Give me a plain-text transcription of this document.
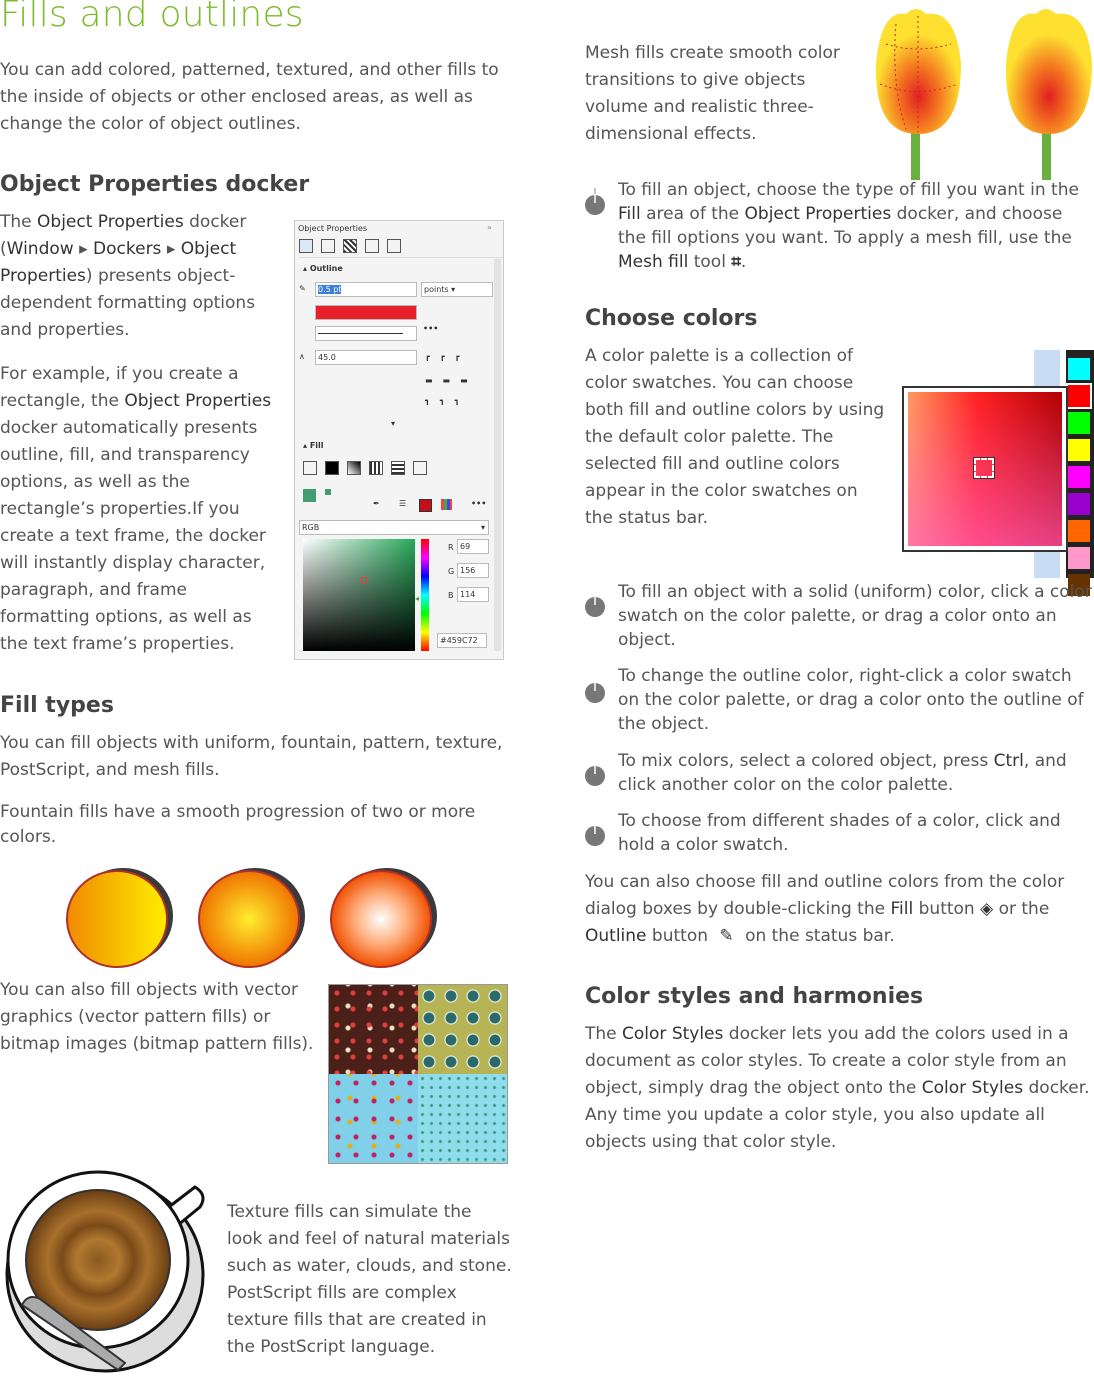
Fills and outlines

You can add colored, patterned, textured, and other fills to the inside of objects or other enclosed areas, as well as change the color of object outlines.

Object Properties docker

The Object Properties docker (Window ▸ Dockers ▸ Object Properties) presents object-dependent formatting options and properties.

For example, if you create a rectangle, the Object Properties docker automatically presents outline, fill, and transparency options, as well as the rectangle’s properties.If you create a text frame, the docker will instantly display character, paragraph, and frame formatting options, as well as the text frame’s properties.

Object Properties	»
▴ Outline
✎	0.5 pt	points ▾
•••
∧	45.0	┏┏┏
▬▬▬
┓┓┓
▾
▴ Fill
✒	☰	•••
RGB	▾
◂
R 69
G 156
B 114
#459C72
Fill types

You can fill objects with uniform, fountain, pattern, texture, PostScript, and mesh fills.

Fountain fills have a smooth progression of two or more colors.

You can also fill objects with vector graphics (vector pattern fills) or bitmap images (bitmap pattern fills).

Texture fills can simulate the look and feel of natural materials such as water, clouds, and stone. PostScript fills are complex texture fills that are created in the PostScript language.

Mesh fills create smooth color transitions to give objects volume and realistic three-dimensional effects.

To fill an object, choose the type of fill you want in the Fill area of the Object Properties docker, and choose the fill options you want. To apply a mesh fill, use the Mesh fill tool ⌗.

Choose colors

A color palette is a collection of color swatches. You can choose both fill and outline colors by using the default color palette. The selected fill and outline colors appear in the color swatches on the status bar.

To fill an object with a solid (uniform) color, click a color swatch on the color palette, or drag a color onto an object.

To change the outline color, right-click a color swatch on the color palette, or drag a color onto the outline of the object.

To mix colors, select a colored object, press Ctrl, and click another color on the color palette.

To choose from different shades of a color, click and hold a color swatch.

You can also choose fill and outline colors from the color dialog boxes by double-clicking the Fill button ◈ or the Outline button ✎ on the status bar.

Color styles and harmonies

The Color Styles docker lets you add the colors used in a document as color styles. To create a color style from an object, simply drag the object onto the Color Styles docker. Any time you update a color style, you also update all objects using that color style.
